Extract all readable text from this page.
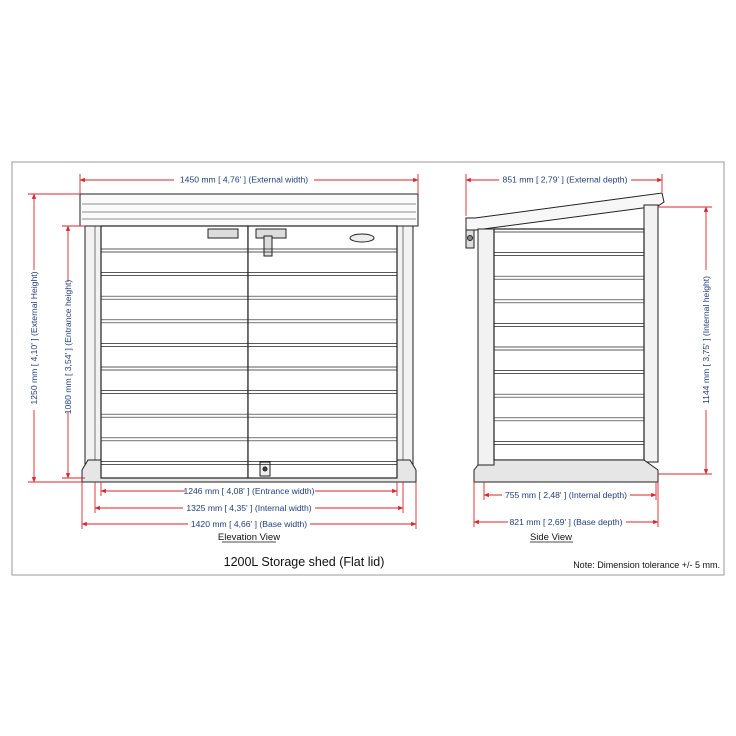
1450 mm [ 4,76' ] (External width)
1250 mm [ 4,10' ] (External Height)	1080 mm [ 3,54' ] (Entrance height)
1246 mm [ 4,08' ] (Entrance width)
1325 mm [ 4,35' ] (Internal width)
1420 mm [ 4,66' ] (Base width)
Elevation View
851 mm [ 2,79' ] (External depth)
1144 mm [ 3,75' ] (Internal height)
755 mm [ 2,48' ] (Internal depth)
821 mm [ 2,69' ] (Base depth)
Side View
1200L Storage shed (Flat lid)	Note: Dimension tolerance +/- 5 mm.
